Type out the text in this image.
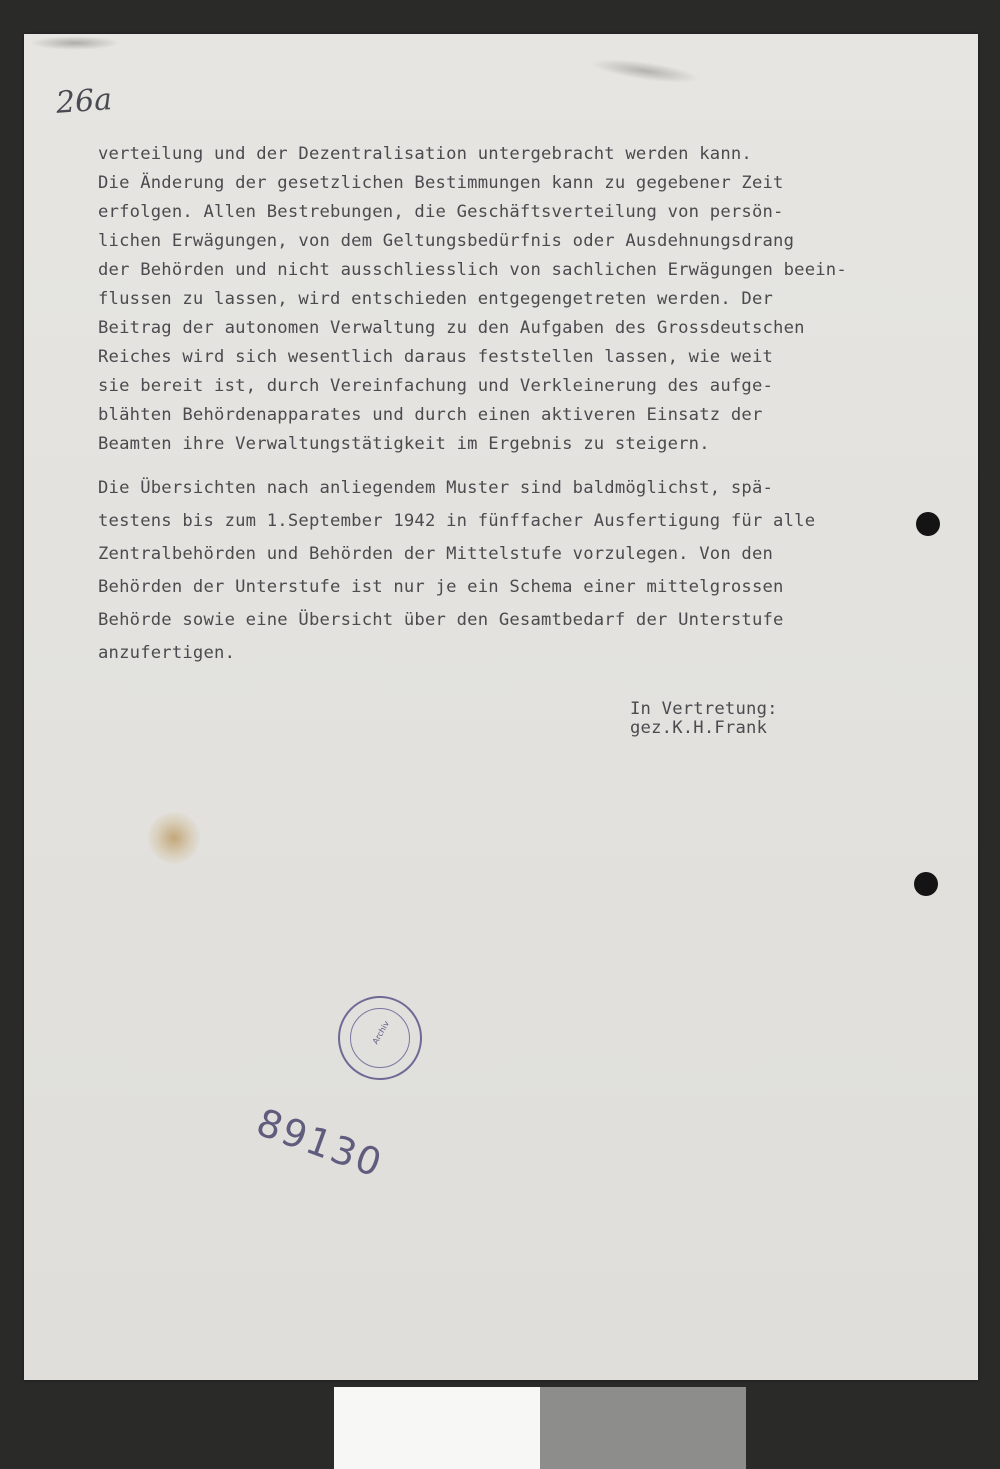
26a
verteilung und der Dezentralisation untergebracht werden kann.
Die Änderung der gesetzlichen Bestimmungen kann zu gegebener Zeit
erfolgen. Allen Bestrebungen, die Geschäftsverteilung von persön-
lichen Erwägungen, von dem Geltungsbedürfnis oder Ausdehnungsdrang
der Behörden und nicht ausschliesslich von sachlichen Erwägungen beein-
flussen zu lassen, wird entschieden entgegengetreten werden. Der
Beitrag der autonomen Verwaltung zu den Aufgaben des Grossdeutschen
Reiches wird sich wesentlich daraus feststellen lassen, wie weit
sie bereit ist, durch Vereinfachung und Verkleinerung des aufge-
blähten Behördenapparates und durch einen aktiveren Einsatz der
Beamten ihre Verwaltungstätigkeit im Ergebnis zu steigern.
Die Übersichten nach anliegendem Muster sind baldmöglichst, spä-
testens bis zum 1.September 1942 in fünffacher Ausfertigung für alle
Zentralbehörden und Behörden der Mittelstufe vorzulegen. Von den
Behörden der Unterstufe ist nur je ein Schema einer mittelgrossen
Behörde sowie eine Übersicht über den Gesamtbedarf der Unterstufe
anzufertigen.
In Vertretung:
gez.K.H.Frank
Archiv
89130
